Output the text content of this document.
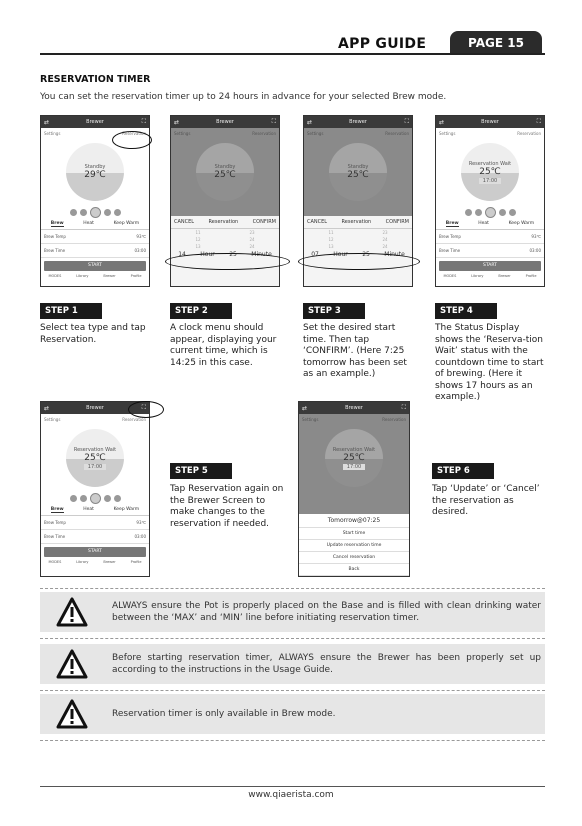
APP GUIDE	PAGE 15
RESERVATION TIMER
You can set the reservation timer up to 24 hours in advance for your selected Brew mode.
⇄	Brewer	⛶
Settings	Reservation
Standby
29℃
Brew	Heat	Keep Warm
Brew Temp	93℃
Brew Time	03:00
START
MODES	Library	Brewer	Profile
⇄	Brewer	⛶
Settings	Reservation
Standby
25℃
CANCEL	Reservation	CONFIRM
11	23
12	24
13	24
14 Hour 25 Minute
⇄	Brewer	⛶
Settings	Reservation
Standby
25℃
CANCEL	Reservation	CONFIRM
11	23
12	24
13	24
07 Hour 25 Minute
⇄	Brewer	⛶
Settings	Reservation
Reservation Wait
25℃
17:00
Brew	Heat	Keep Warm
Brew Temp	93℃
Brew Time	03:00
START
MODES	Library	Brewer	Profile
STEP 1
Select tea type and tap Reservation.
STEP 2
A clock menu should appear, displaying your current time, which is 14:25 in this case.
STEP 3
Set the desired start time. Then tap ‘CONFIRM’. (Here 7:25 tomorrow has been set as an example.)
STEP 4
The Status Display shows the ‘Reserva-tion Wait’ status with the countdown time to start of brewing. (Here it shows 17 hours as an example.)
⇄	Brewer	⛶
Settings	Reservation
Reservation Wait
25℃
17:00
Brew	Heat	Keep Warm
Brew Temp	93℃
Brew Time	03:00
START
MODES	Library	Brewer	Profile
⇄	Brewer	⛶
Settings	Reservation
Reservation Wait
25℃
17:00
Tomorrow@07:25
Start time
Update reservation time
Cancel reservation
Back
STEP 5
Tap Reservation again on the Brewer Screen to make changes to the reservation if needed.
STEP 6
Tap ‘Update’ or ‘Cancel’ the reservation as desired.
ALWAYS ensure the Pot is properly placed on the Base and is filled with clean drinking water between the ‘MAX’ and ‘MIN’ line before initiating reservation timer.
Before starting reservation timer, ALWAYS ensure the Brewer has been properly set up according to the instructions in the Usage Guide.
Reservation timer is only available in Brew mode.
www.qiaerista.com
